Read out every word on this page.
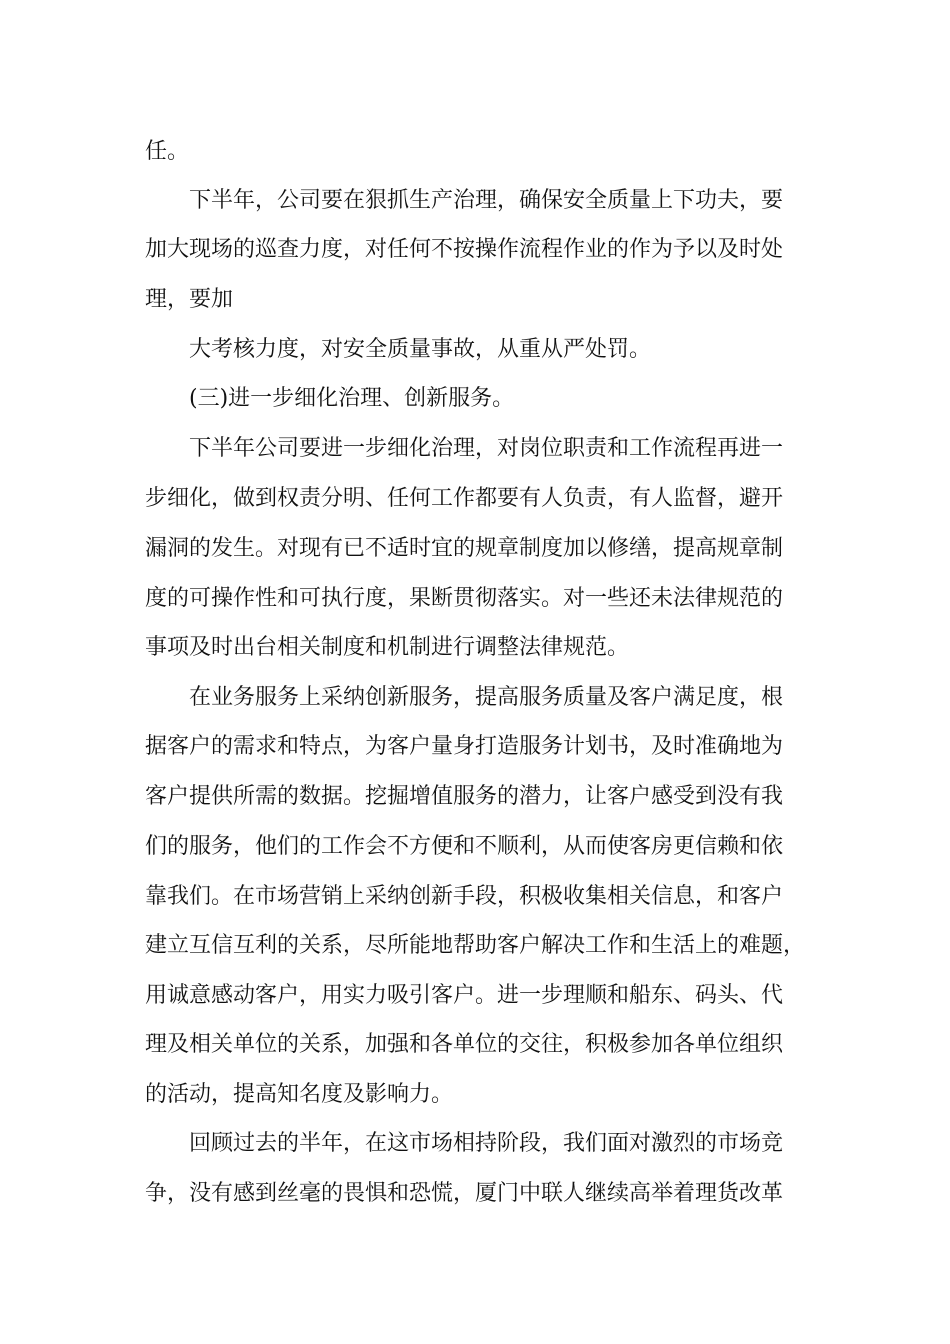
任。
下半年，公司要在狠抓生产治理，确保安全质量上下功夫，要
加大现场的巡查力度，对任何不按操作流程作业的作为予以及时处
理，要加
大考核力度，对安全质量事故，从重从严处罚。
(三)进一步细化治理、创新服务。
下半年公司要进一步细化治理，对岗位职责和工作流程再进一
步细化，做到权责分明、任何工作都要有人负责，有人监督，避开
漏洞的发生。对现有已不适时宜的规章制度加以修缮，提高规章制
度的可操作性和可执行度，果断贯彻落实。对一些还未法律规范的
事项及时出台相关制度和机制进行调整法律规范。
在业务服务上采纳创新服务，提高服务质量及客户满足度，根
据客户的需求和特点，为客户量身打造服务计划书，及时准确地为
客户提供所需的数据。挖掘增值服务的潜力，让客户感受到没有我
们的服务，他们的工作会不方便和不顺利，从而使客房更信赖和依
靠我们。在市场营销上采纳创新手段，积极收集相关信息，和客户
建立互信互利的关系，尽所能地帮助客户解决工作和生活上的难题，
用诚意感动客户，用实力吸引客户。进一步理顺和船东、码头、代
理及相关单位的关系，加强和各单位的交往，积极参加各单位组织
的活动，提高知名度及影响力。
回顾过去的半年，在这市场相持阶段，我们面对激烈的市场竞
争，没有感到丝毫的畏惧和恐慌，厦门中联人继续高举着理货改革
